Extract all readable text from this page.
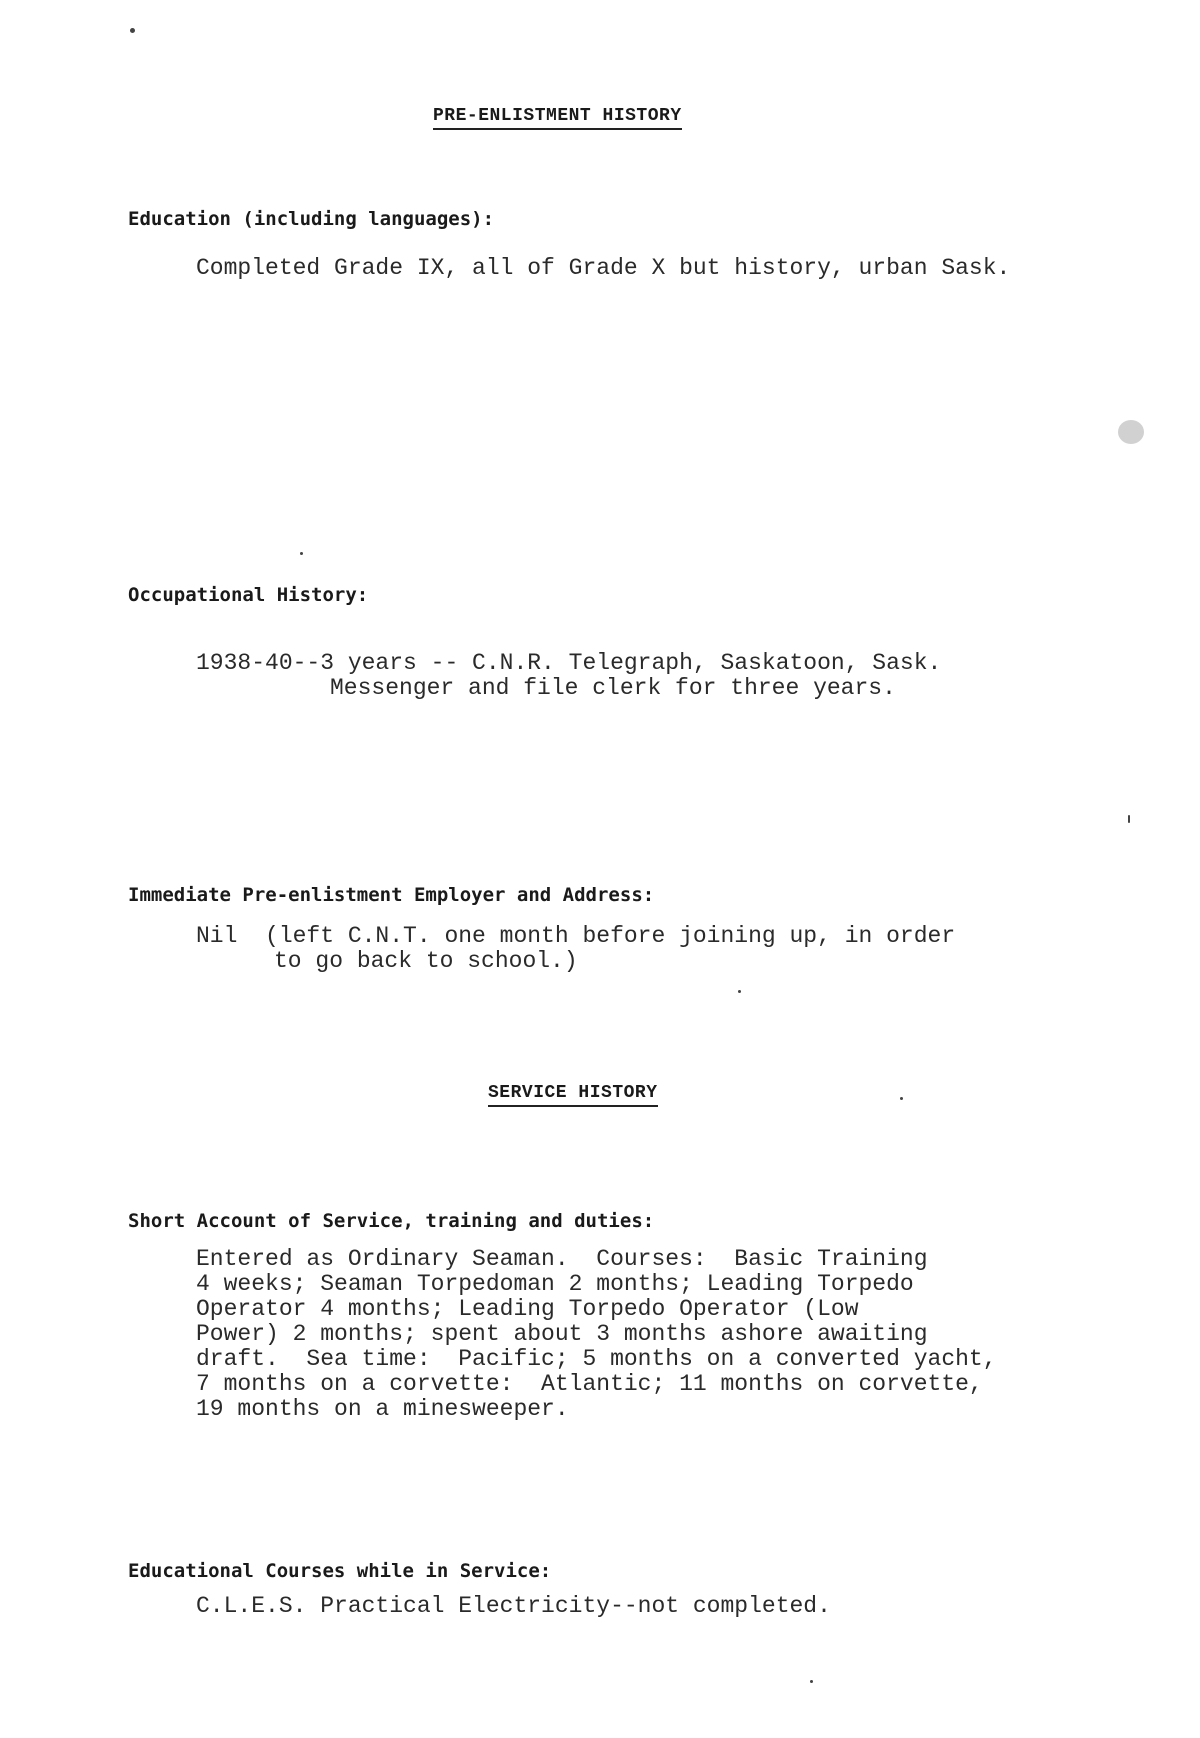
PRE-ENLISTMENT HISTORY
Education (including languages):
Completed Grade IX, all of Grade X but history, urban Sask.
Occupational History:
1938-40--3 years -- C.N.R. Telegraph, Saskatoon, Sask.
Messenger and file clerk for three years.
Immediate Pre-enlistment Employer and Address:
Nil  (left C.N.T. one month before joining up, in order
to go back to school.)
SERVICE HISTORY
Short Account of Service, training and duties:
Entered as Ordinary Seaman.  Courses:  Basic Training
4 weeks; Seaman Torpedoman 2 months; Leading Torpedo
Operator 4 months; Leading Torpedo Operator (Low
Power) 2 months; spent about 3 months ashore awaiting
draft.  Sea time:  Pacific; 5 months on a converted yacht,
7 months on a corvette:  Atlantic; 11 months on corvette,
19 months on a minesweeper.
Educational Courses while in Service:
C.L.E.S. Practical Electricity--not completed.
